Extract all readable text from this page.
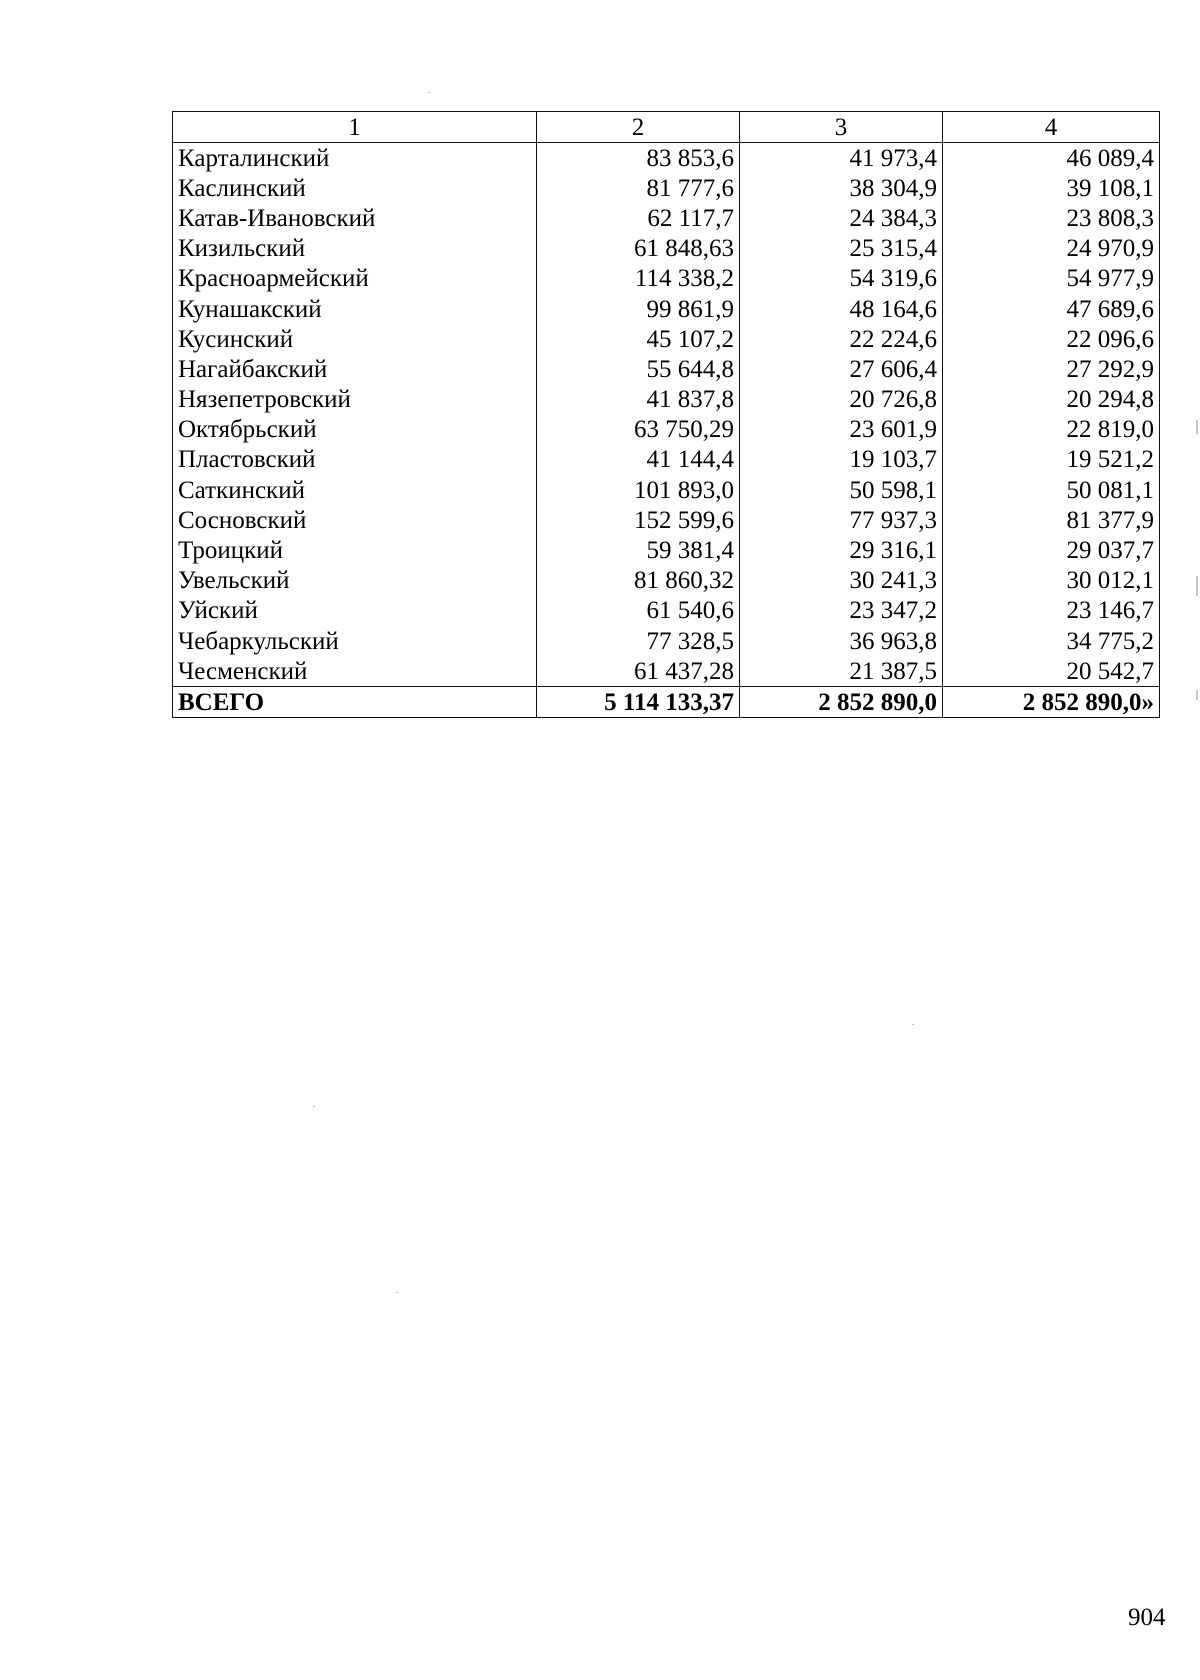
1	2	3	4
Карталинский	83 853,6	41 973,4	46 089,4
Каслинский	81 777,6	38 304,9	39 108,1
Катав-Ивановский	62 117,7	24 384,3	23 808,3
Кизильский	61 848,63	25 315,4	24 970,9
Красноармейский	114 338,2	54 319,6	54 977,9
Кунашакский	99 861,9	48 164,6	47 689,6
Кусинский	45 107,2	22 224,6	22 096,6
Нагайбакский	55 644,8	27 606,4	27 292,9
Нязепетровский	41 837,8	20 726,8	20 294,8
Октябрьский	63 750,29	23 601,9	22 819,0
Пластовский	41 144,4	19 103,7	19 521,2
Саткинский	101 893,0	50 598,1	50 081,1
Сосновский	152 599,6	77 937,3	81 377,9
Троицкий	59 381,4	29 316,1	29 037,7
Увельский	81 860,32	30 241,3	30 012,1
Уйский	61 540,6	23 347,2	23 146,7
Чебаркульский	77 328,5	36 963,8	34 775,2
Чесменский	61 437,28	21 387,5	20 542,7
ВСЕГО	5 114 133,37	2 852 890,0	2 852 890,0»
904
